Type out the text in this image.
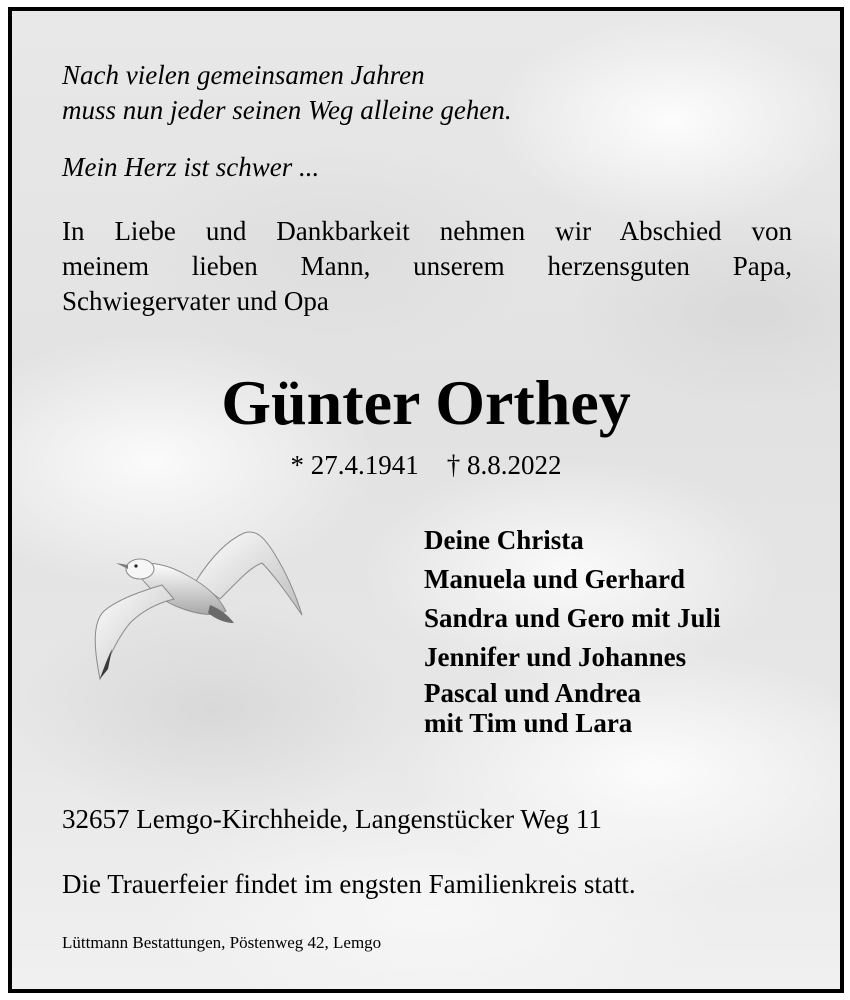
Nach vielen gemeinsamen Jahren

muss nun jeder seinen Weg alleine gehen.

Mein Herz ist schwer ...

In Liebe und Dankbarkeit nehmen wir Abschied von
meinem lieben Mann, unserem herzensguten Papa,
Schwiegervater und Opa
Günter Orthey
* 27.4.1941 † 8.8.2022
Deine Christa
Manuela und Gerhard
Sandra und Gero mit Juli
Jennifer und Johannes
Pascal und Andrea
mit Tim und Lara

32657 Lemgo-Kirchheide, Langenstücker Weg 11

Die Trauerfeier findet im engsten Familienkreis statt.

Lüttmann Bestattungen, Pöstenweg 42, Lemgo
